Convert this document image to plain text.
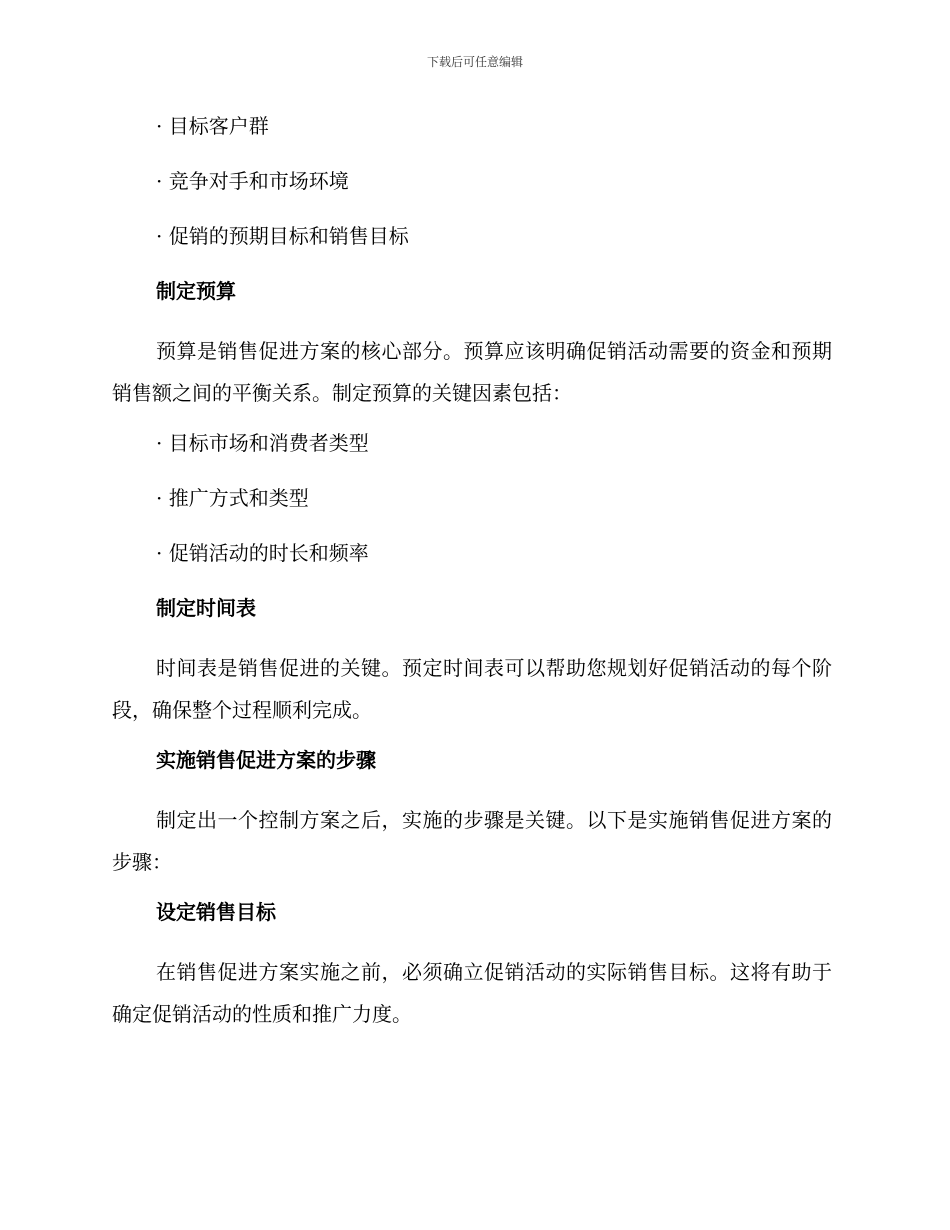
下载后可任意编辑
· 目标客户群
· 竞争对手和市场环境
· 促销的预期目标和销售目标
制定预算

预算是销售促进方案的核心部分。预算应该明确促销活动需要的资金和预期销售额之间的平衡关系。制定预算的关键因素包括：

· 目标市场和消费者类型
· 推广方式和类型
· 促销活动的时长和频率
制定时间表

时间表是销售促进的关键。预定时间表可以帮助您规划好促销活动的每个阶段，确保整个过程顺利完成。

实施销售促进方案的步骤

制定出一个控制方案之后，实施的步骤是关键。以下是实施销售促进方案的步骤：

设定销售目标

在销售促进方案实施之前，必须确立促销活动的实际销售目标。这将有助于确定促销活动的性质和推广力度。
